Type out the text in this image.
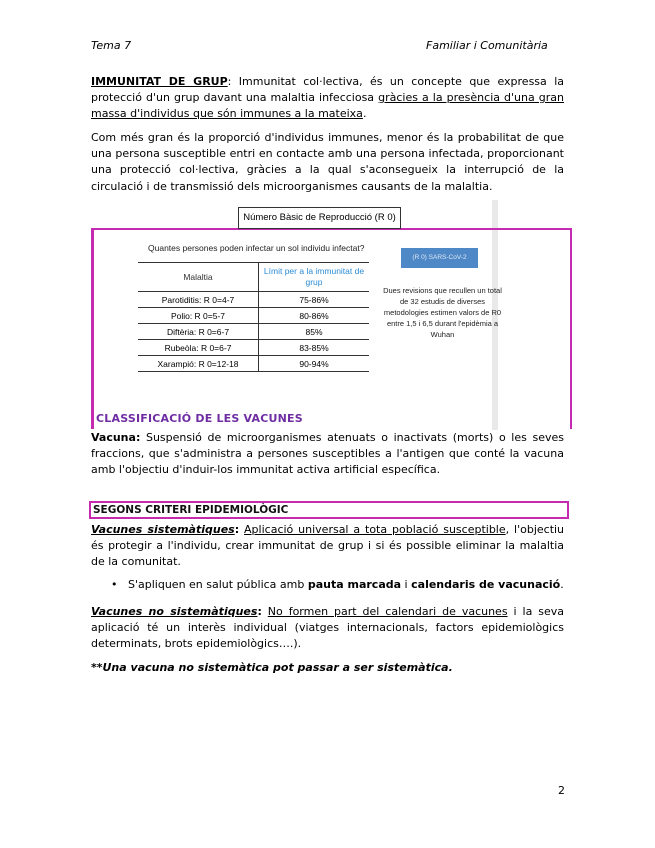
Tema 7	Familiar i Comunitària
IMMUNITAT DE GRUP: Immunitat col·lectiva, és un concepte que expressa la protecció d'un grup davant una malaltia infecciosa gràcies a la presència d'una gran massa d'individus que són immunes a la mateixa.
Com més gran és la proporció d'individus immunes, menor és la probabilitat de que una persona susceptible entri en contacte amb una persona infectada, proporcionant una protecció col·lectiva, gràcies a la qual s'aconsegueix la interrupció de la circulació i de transmissió dels microorganismes causants de la malaltia.
Número Bàsic de Reproducció (R 0)
Quantes persones poden infectar un sol individu infectat?	
Malaltia	Límit per a la immunitat de grup
Parotiditis: R 0=4-7	75-86%
Polio: R 0=5-7	80-86%
Diftèria: R 0=6-7	85%
Rubeòla: R 0=6-7	83-85%
Xarampió: R 0=12-18	90-94%
(R 0) SARS-CoV-2
Dues revisions que recullen un total de 32 estudis de diverses metodologies estimen valors de R0 entre 1,5 i 6,5 durant l'epidèmia a Wuhan
CLASSIFICACIÓ DE LES VACUNES
Vacuna: Suspensió de microorganismes atenuats o inactivats (morts) o les seves fraccions, que s'administra a persones susceptibles a l'antigen que conté la vacuna amb l'objectiu d'induir-los immunitat activa artificial específica.
SEGONS CRITERI EPIDEMIOLÒGIC
Vacunes sistemàtiques: Aplicació universal a tota població susceptible, l'objectiu és protegir a l'individu, crear immunitat de grup i si és possible eliminar la malaltia de la comunitat.
• S'apliquen en salut pública amb pauta marcada i calendaris de vacunació.
Vacunes no sistemàtiques: No formen part del calendari de vacunes i la seva aplicació té un interès individual (viatges internacionals, factors epidemiològics determinats, brots epidemiològics….).
**Una vacuna no sistemàtica pot passar a ser sistemàtica.
2
